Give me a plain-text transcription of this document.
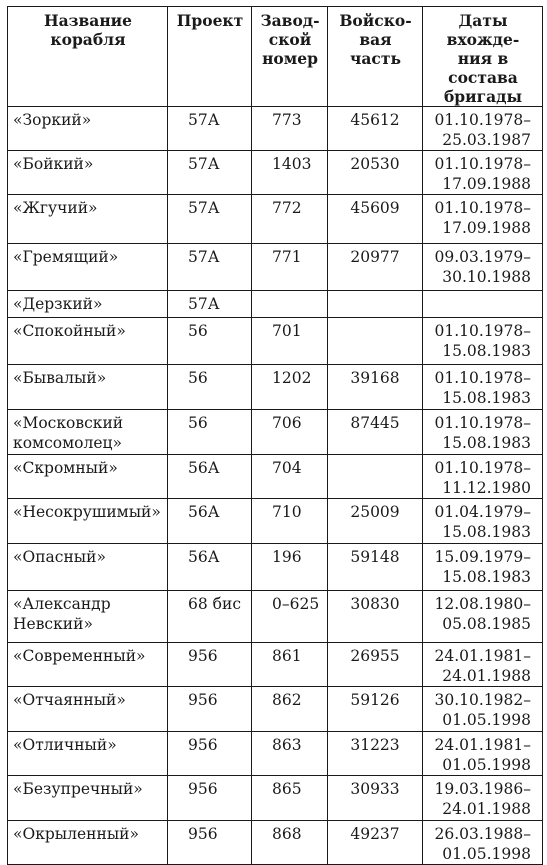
Название
корабля	Проект	Завод-
ской
номер	Войско-
вая часть	Даты вхожде-
ния в состава
бригады

«Зоркий»	57А	773	45612	01.10.1978–
25.03.1987

«Бойкий»	57А	1403	20530	01.10.1978–
17.09.1988

«Жгучий»	57А	772	45609	01.10.1978–
17.09.1988

«Гремящий»	57А	771	20977	09.03.1979–
30.10.1988

«Дерзкий»	57А			

«Спокойный»	56	701		01.10.1978–
15.08.1983

«Бывалый»	56	1202	39168	01.10.1978–
15.08.1983

«Московский
комсомолец»	56	706	87445	01.10.1978–
15.08.1983

«Скромный»	56А	704		01.10.1978–
11.12.1980

«Несокрушимый»	56А	710	25009	01.04.1979–
15.08.1983

«Опасный»	56А	196	59148	15.09.1979–
15.08.1983

«Александр
Невский»	68 бис	0–625	30830	12.08.1980–
05.08.1985

«Современный»	956	861	26955	24.01.1981–
24.01.1988

«Отчаянный»	956	862	59126	30.10.1982–
01.05.1998

«Отличный»	956	863	31223	24.01.1981–
01.05.1998

«Безупречный»	956	865	30933	19.03.1986–
24.01.1988

«Окрыленный»	956	868	49237	26.03.1988–
01.05.1998
